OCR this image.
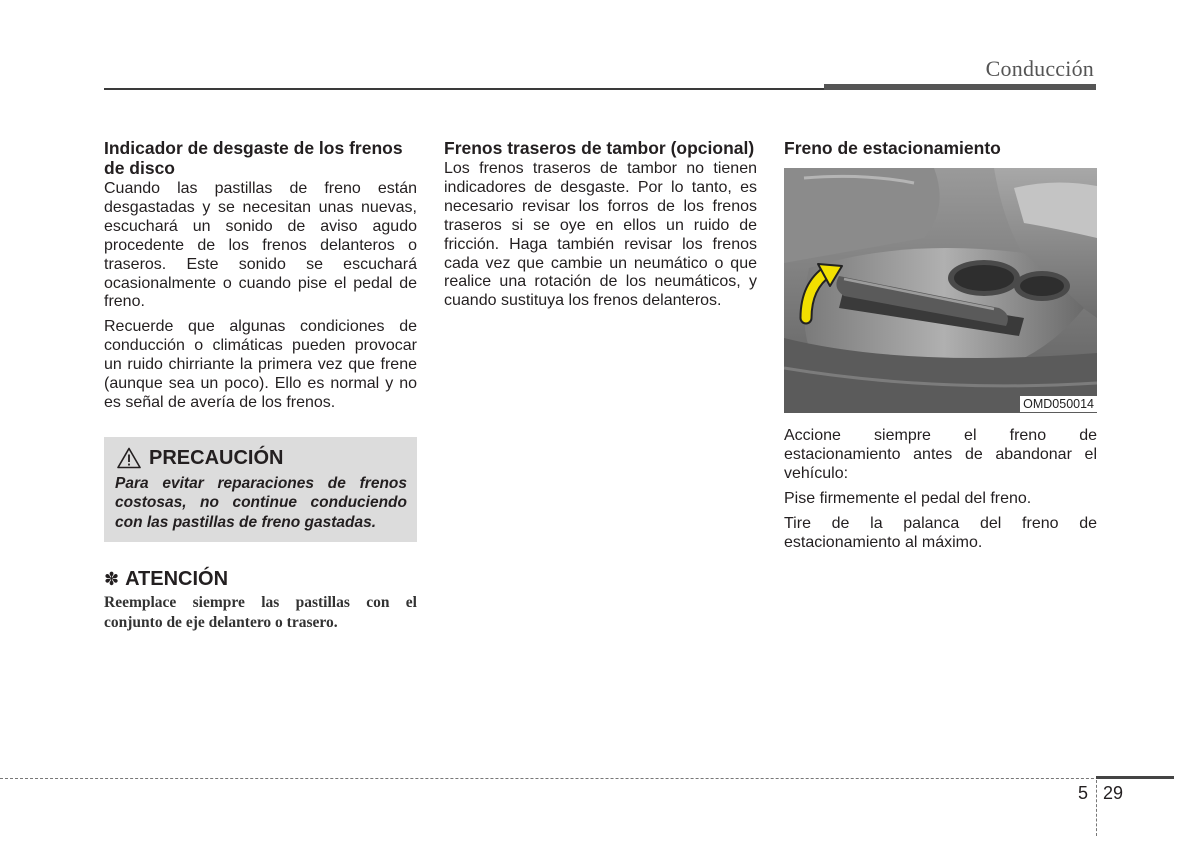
Conducción
Indicador de desgaste de los frenos de disco

Cuando las pastillas de freno están desgastadas y se necesitan unas nuevas, escuchará un sonido de aviso agudo procedente de los frenos delanteros o traseros. Este sonido se escuchará ocasionalmente o cuando pise el pedal de freno.

Recuerde que algunas condiciones de conducción o climáticas pueden provocar un ruido chirriante la primera vez que frene (aunque sea un poco). Ello es normal y no es señal de avería de los frenos.

PRECAUCIÓN

Para evitar reparaciones de frenos costosas, no continue conduciendo con las pastillas de freno gastadas.

✽ ATENCIÓN

Reemplace siempre las pastillas con el conjunto de eje delantero o trasero.

Frenos traseros de tambor (opcional)

Los frenos traseros de tambor no tienen indicadores de desgaste. Por lo tanto, es necesario revisar los forros de los frenos traseros si se oye en ellos un ruido de fricción. Haga también revisar los frenos cada vez que cambie un neumático o que realice una rotación de los neumáticos, y cuando sustituya los frenos delanteros.

Freno de estacionamiento
OMD050014

Accione siempre el freno de estacionamiento antes de abandonar el vehículo:

Pise firmemente el pedal del freno.

Tire de la palanca del freno de estacionamiento al máximo.

5 29
